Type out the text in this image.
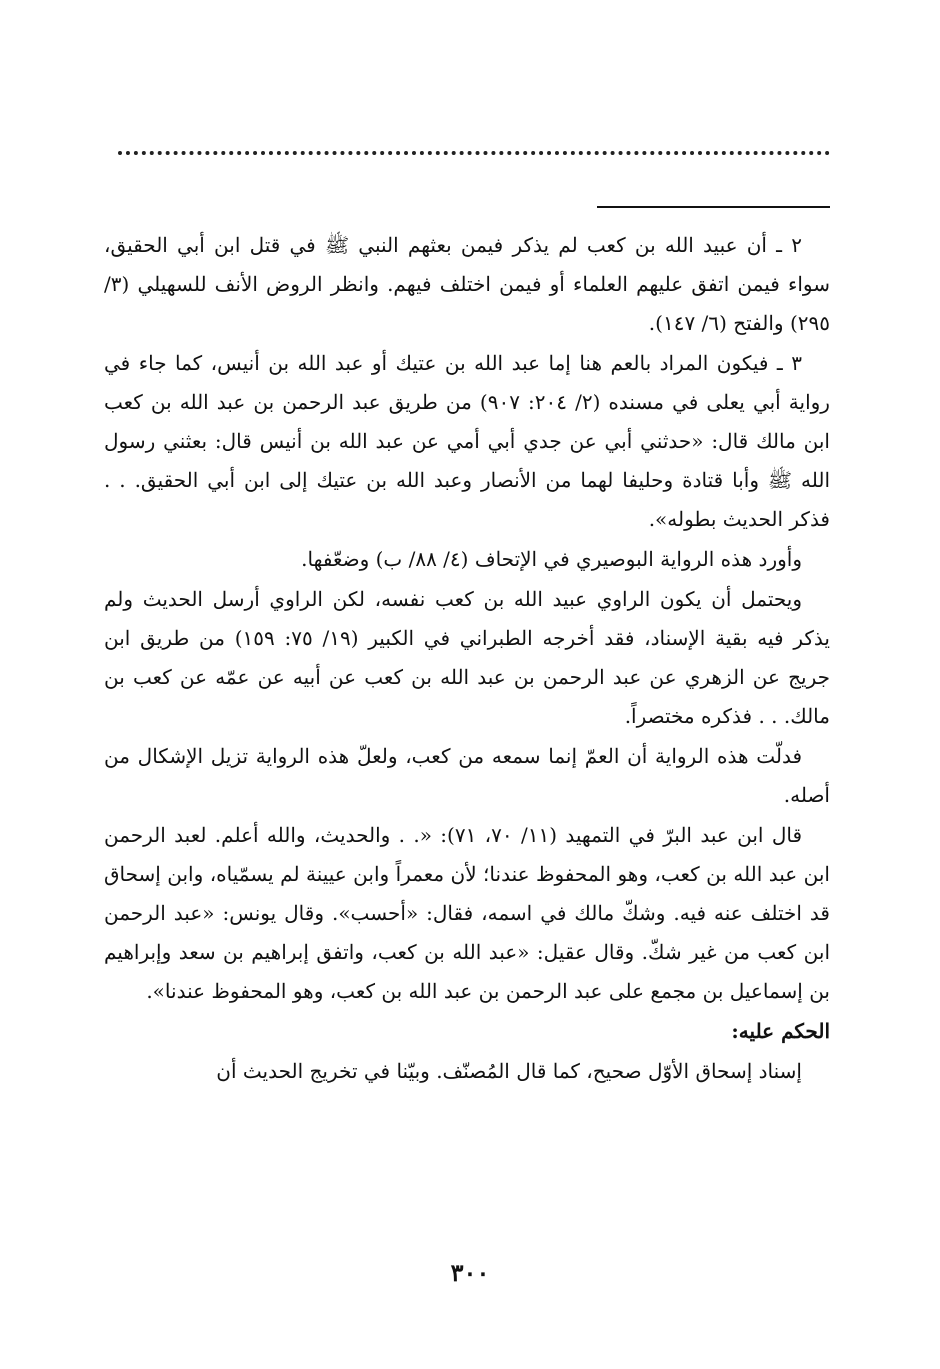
٢ ـ أن عبيد الله بن كعب لم يذكر فيمن بعثهم النبي ﷺ في قتل ابن أبي الحقيق، سواء فيمن اتفق عليهم العلماء أو فيمن اختلف فيهم. وانظر الروض الأنف للسهيلي (٣/ ٢٩٥) والفتح (٦/ ١٤٧).

٣ ـ فيكون المراد بالعم هنا إما عبد الله بن عتيك أو عبد الله بن أنيس، كما جاء في رواية أبي يعلى في مسنده (٢/ ٢٠٤: ٩٠٧) من طريق عبد الرحمن بن عبد الله بن كعب ابن مالك قال: «حدثني أبي عن جدي أبي أمي عن عبد الله بن أنيس قال: بعثني رسول الله ﷺ وأبا قتادة وحليفا لهما من الأنصار وعبد الله بن عتيك إلى ابن أبي الحقيق. . . فذكر الحديث بطوله».

وأورد هذه الرواية البوصيري في الإتحاف (٤/ ٨٨/ ب) وضعّفها.

ويحتمل أن يكون الراوي عبيد الله بن كعب نفسه، لكن الراوي أرسل الحديث ولم يذكر فيه بقية الإسناد، فقد أخرجه الطبراني في الكبير (١٩/ ٧٥: ١٥٩) من طريق ابن جريج عن الزهري عن عبد الرحمن بن عبد الله بن كعب عن أبيه عن عمّه عن كعب بن مالك. . . فذكره مختصراً.

فدلّت هذه الرواية أن العمّ إنما سمعه من كعب، ولعلّ هذه الرواية تزيل الإشكال من أصله.

قال ابن عبد البرّ في التمهيد (١١/ ٧٠، ٧١): «. . والحديث، والله أعلم. لعبد الرحمن ابن عبد الله بن كعب، وهو المحفوظ عندنا؛ لأن معمراً وابن عيينة لم يسمّياه، وابن إسحاق قد اختلف عنه فيه. وشكّ مالك في اسمه، فقال: «أحسب». وقال يونس: «عبد الرحمن ابن كعب من غير شكّ. وقال عقيل: «عبد الله بن كعب، واتفق إبراهيم بن سعد وإبراهيم بن إسماعيل بن مجمع على عبد الرحمن بن عبد الله بن كعب، وهو المحفوظ عندنا».

الحكم عليه:

إسناد إسحاق الأوّل صحيح، كما قال المُصنّف. وبيّنا في تخريج الحديث أن

٣٠٠
